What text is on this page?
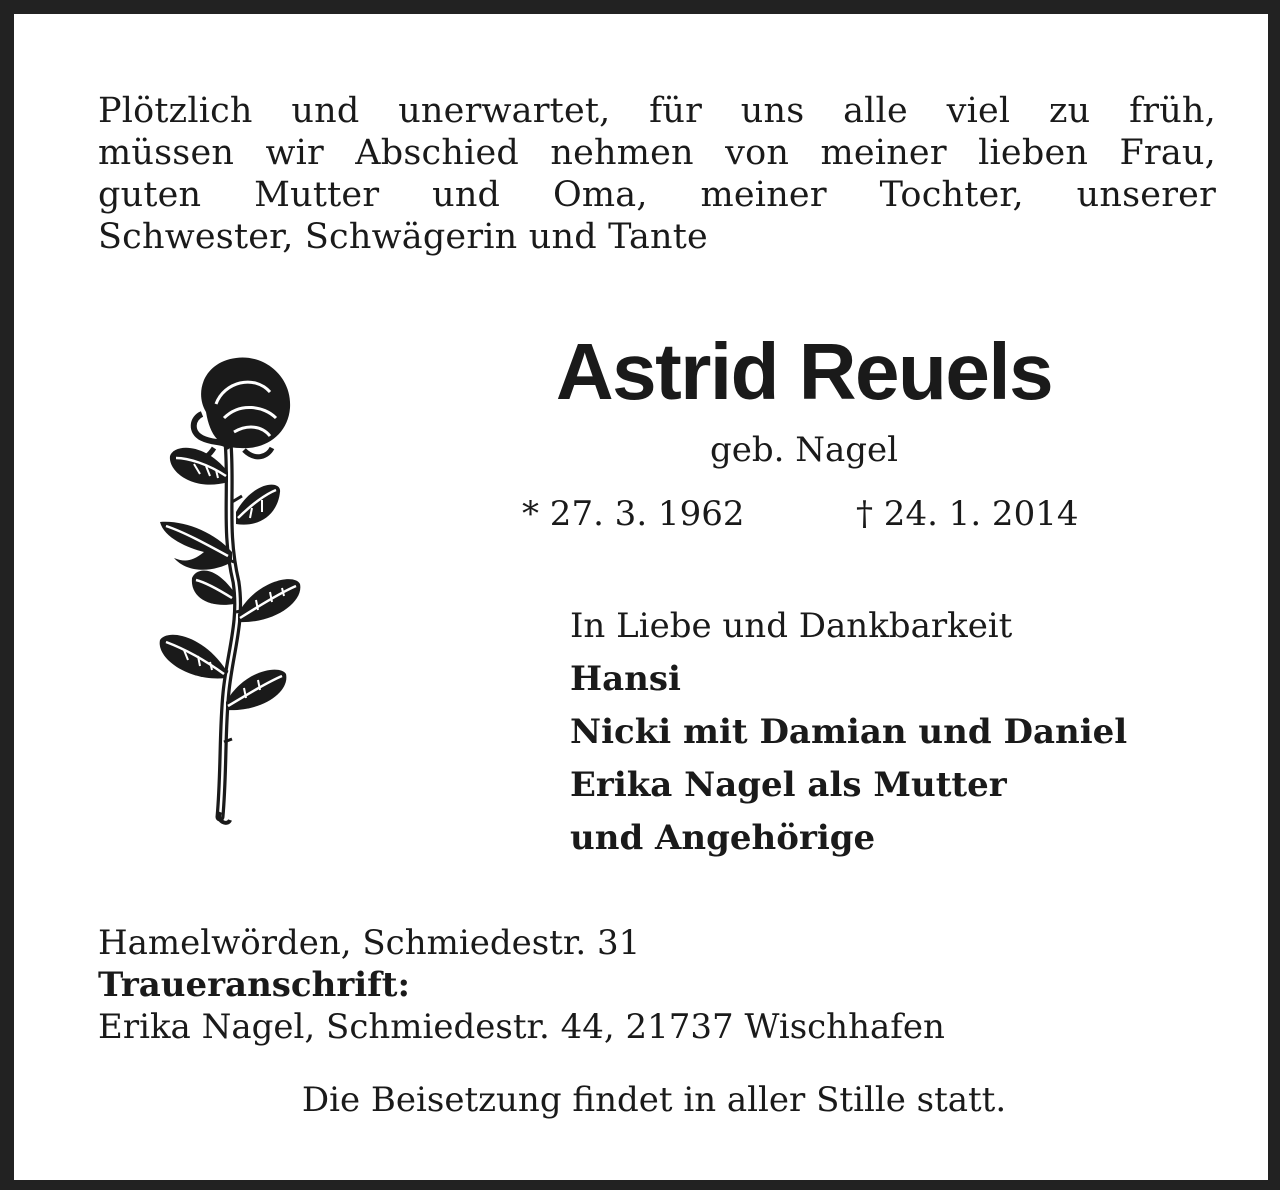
Plötzlich und unerwartet, für uns alle viel zu früh,
müssen wir Abschied nehmen von meiner lieben Frau,
guten Mutter und Oma, meiner Tochter, unserer
Schwester, Schwägerin und Tante
Astrid Reuels
geb. Nagel
* 27. 3. 1962	† 24. 1. 2014
In Liebe und Dankbarkeit
Hansi
Nicki mit Damian und Daniel
Erika Nagel als Mutter
und Angehörige
Hamelwörden, Schmiedestr. 31
Traueranschrift:
Erika Nagel, Schmiedestr. 44, 21737 Wischhafen
Die Beisetzung findet in aller Stille statt.
